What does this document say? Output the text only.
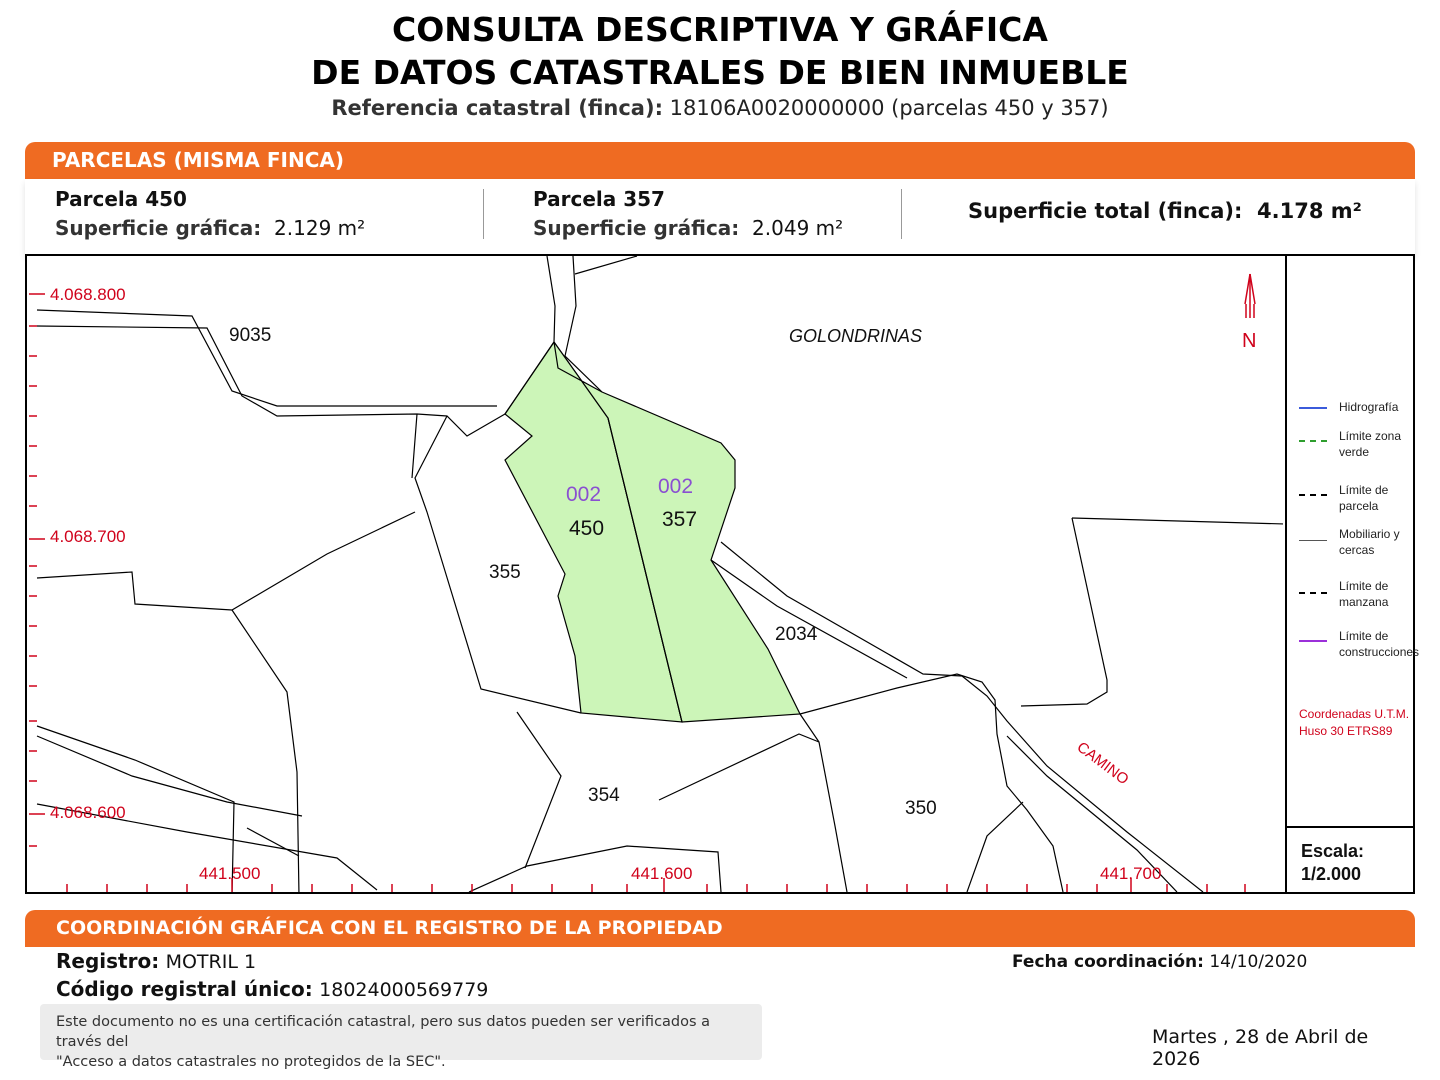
CONSULTA DESCRIPTIVA Y GRÁFICA
DE DATOS CATASTRALES DE BIEN INMUEBLE
Referencia catastral (finca): 18106A0020000000 (parcelas 450 y 357)
PARCELAS (MISMA FINCA)
Parcela 450
Superficie gráfica: 2.129 m²
Parcela 357
Superficie gráfica: 2.049 m²
Superficie total (finca): 4.178 m²
N
4.068.800
4.068.700
4.068.600
441.500	441.600	441.700
GOLONDRINAS
CAMINO
9035
355
2034
354
350
002
450
002
357
Hidrografía
Límite zona verde
Límite de parcela
Mobiliario y cercas
Límite de manzana
Límite de construcciones
Coordenadas U.T.M.
Huso 30 ETRS89
Escala:
1/2.000
COORDINACIÓN GRÁFICA CON EL REGISTRO DE LA PROPIEDAD
Registro: MOTRIL 1
Código registral único: 18024000569779
Fecha coordinación: 14/10/2020
Este documento no es una certificación catastral, pero sus datos pueden ser verificados a través del
"Acceso a datos catastrales no protegidos de la SEC".
Martes , 28 de Abril de 2026
